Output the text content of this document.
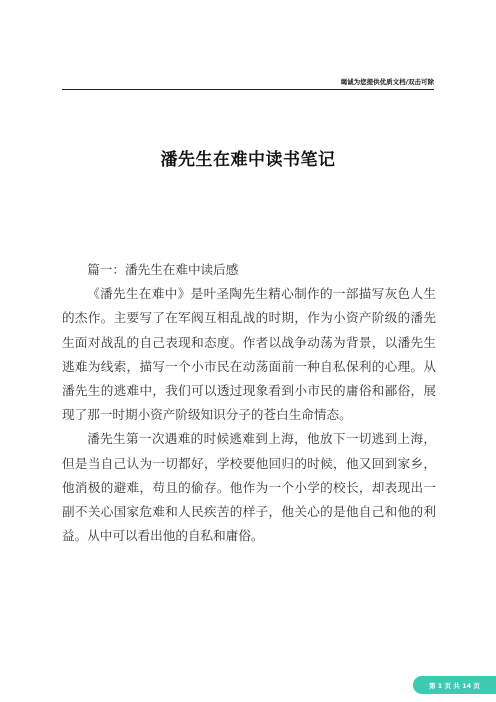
竭诚为您提供优质文档/双击可除
潘先生在难中读书笔记

篇一：潘先生在难中读后感

《潘先生在难中》是叶圣陶先生精心制作的一部描写灰色人生的杰作。主要写了在军阀互相乱战的时期，作为小资产阶级的潘先生面对战乱的自己表现和态度。作者以战争动荡为背景，以潘先生逃难为线索，描写一个小市民在动荡面前一种自私保利的心理。从潘先生的逃难中，我们可以透过现象看到小市民的庸俗和鄙俗，展现了那一时期小资产阶级知识分子的苍白生命情态。

潘先生第一次遇难的时候逃难到上海，他放下一切逃到上海，但是当自己认为一切都好，学校要他回归的时候，他又回到家乡，他消极的避难，苟且的偷存。他作为一个小学的校长，却表现出一副不关心国家危难和人民疾苦的样子，他关心的是他自己和他的利益。从中可以看出他的自私和庸俗。

第 1 页 共 14 页
